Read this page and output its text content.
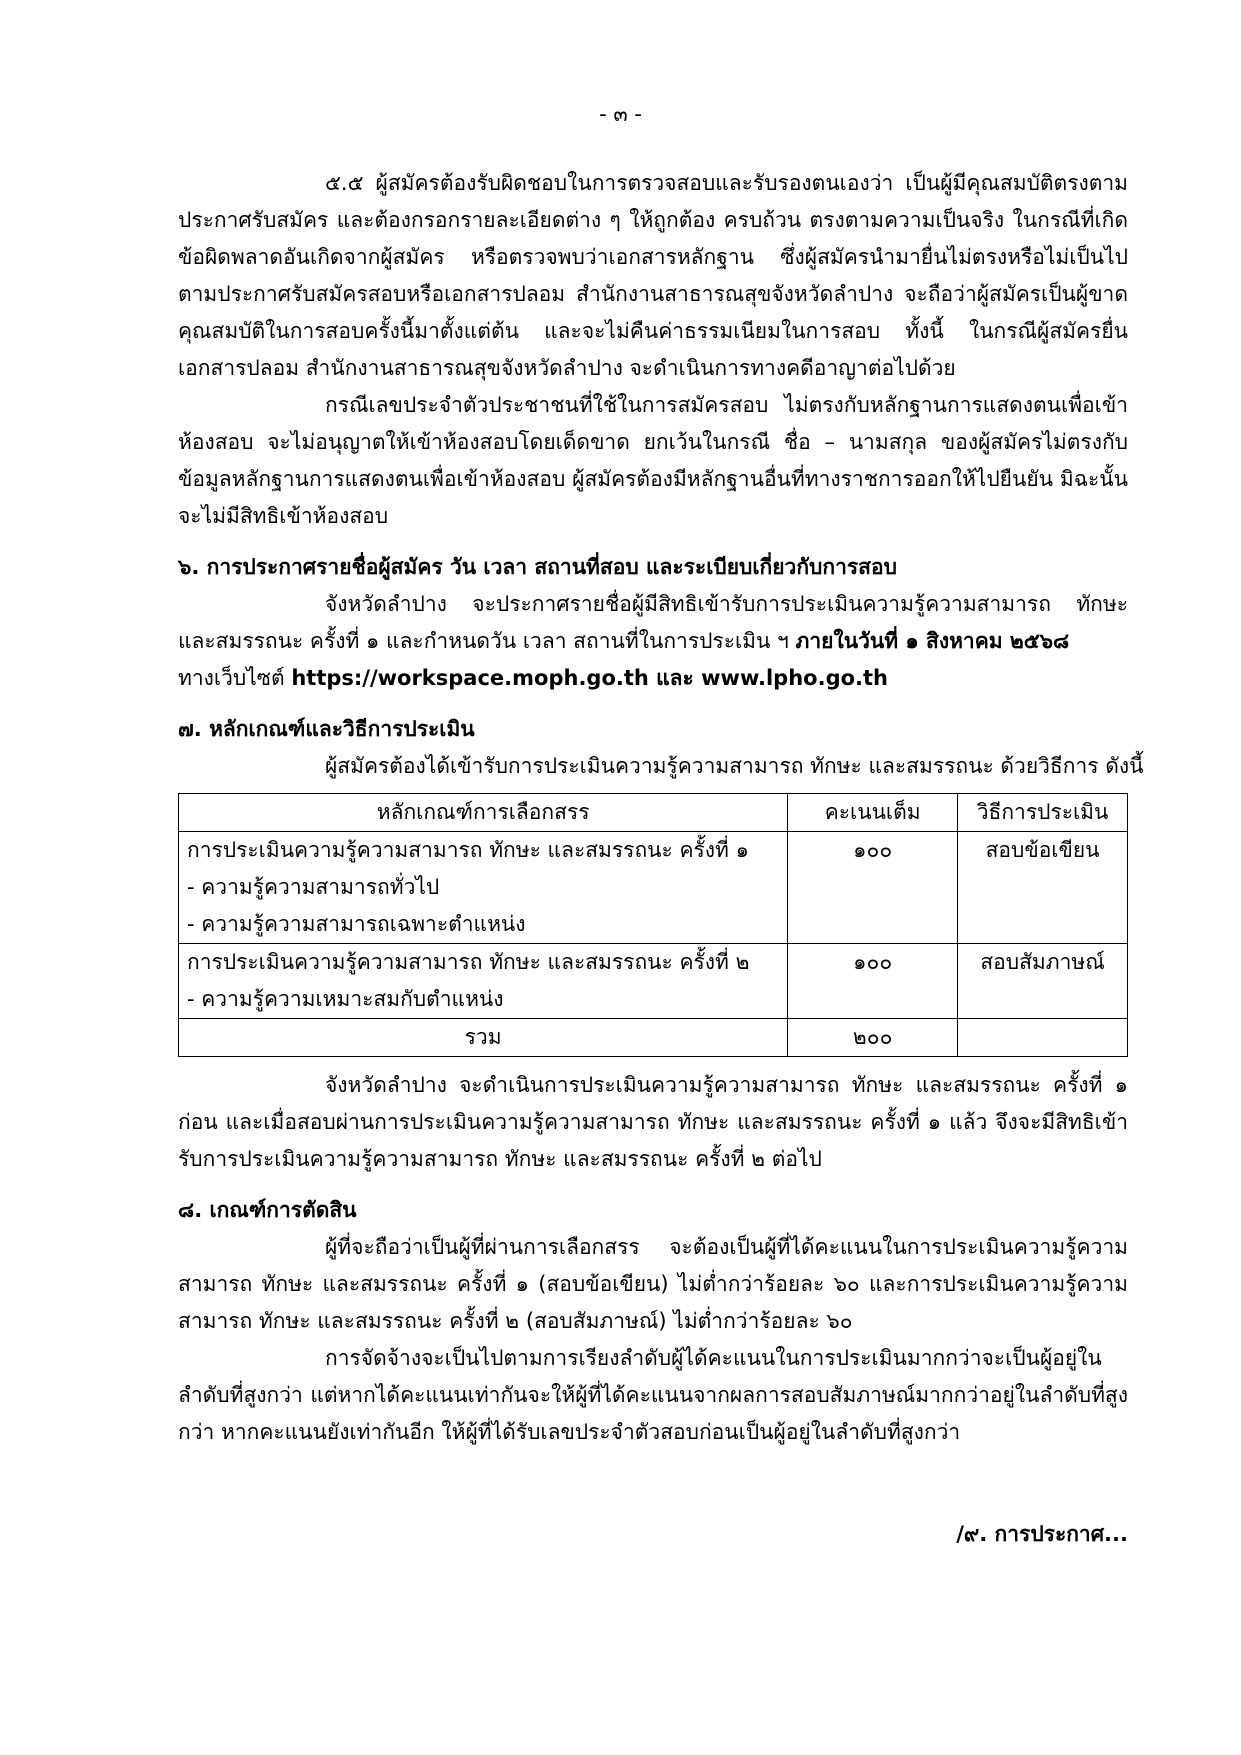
- ๓ -

๕.๕ ผู้สมัครต้องรับผิดชอบในการตรวจสอบและรับรองตนเองว่า เป็นผู้มีคุณสมบัติตรงตามประกาศรับสมัคร และต้องกรอกรายละเอียดต่าง ๆ ให้ถูกต้อง ครบถ้วน ตรงตามความเป็นจริง ในกรณีที่เกิดข้อผิดพลาดอันเกิดจากผู้สมัคร หรือตรวจพบว่าเอกสารหลักฐาน ซึ่งผู้สมัครนำมายื่นไม่ตรงหรือไม่เป็นไปตามประกาศรับสมัครสอบหรือเอกสารปลอม สำนักงานสาธารณสุขจังหวัดลำปาง จะถือว่าผู้สมัครเป็นผู้ขาดคุณสมบัติในการสอบครั้งนี้มาตั้งแต่ต้น และจะไม่คืนค่าธรรมเนียมในการสอบ ทั้งนี้ ในกรณีผู้สมัครยื่นเอกสารปลอม สำนักงานสาธารณสุขจังหวัดลำปาง จะดำเนินการทางคดีอาญาต่อไปด้วย

กรณีเลขประจำตัวประชาชนที่ใช้ในการสมัครสอบ ไม่ตรงกับหลักฐานการแสดงตนเพื่อเข้าห้องสอบ จะไม่อนุญาตให้เข้าห้องสอบโดยเด็ดขาด ยกเว้นในกรณี ชื่อ – นามสกุล ของผู้สมัครไม่ตรงกับข้อมูลหลักฐานการแสดงตนเพื่อเข้าห้องสอบ ผู้สมัครต้องมีหลักฐานอื่นที่ทางราชการออกให้ไปยืนยัน มิฉะนั้นจะไม่มีสิทธิเข้าห้องสอบ

๖. การประกาศรายชื่อผู้สมัคร วัน เวลา สถานที่สอบ และระเบียบเกี่ยวกับการสอบ

จังหวัดลำปาง จะประกาศรายชื่อผู้มีสิทธิเข้ารับการประเมินความรู้ความสามารถ ทักษะ และสมรรถนะ ครั้งที่ ๑ และกำหนดวัน เวลา สถานที่ในการประเมิน ฯ ภายในวันที่ ๑ สิงหาคม ๒๕๖๘
ทางเว็บไซต์ https://workspace.moph.go.th และ www.lpho.go.th

๗. หลักเกณฑ์และวิธีการประเมิน

ผู้สมัครต้องได้เข้ารับการประเมินความรู้ความสามารถ ทักษะ และสมรรถนะ ด้วยวิธีการ ดังนี้

หลักเกณฑ์การเลือกสรร	คะเนนเต็ม	วิธีการประเมิน

การประเมินความรู้ความสามารถ ทักษะ และสมรรถนะ ครั้งที่ ๑
- ความรู้ความสามารถทั่วไป
- ความรู้ความสามารถเฉพาะตำแหน่ง	๑๐๐	สอบข้อเขียน

การประเมินความรู้ความสามารถ ทักษะ และสมรรถนะ ครั้งที่ ๒
- ความรู้ความเหมาะสมกับตำแหน่ง	๑๐๐	สอบสัมภาษณ์
รวม	๒๐๐	

จังหวัดลำปาง จะดำเนินการประเมินความรู้ความสามารถ ทักษะ และสมรรถนะ ครั้งที่ ๑ ก่อน และเมื่อสอบผ่านการประเมินความรู้ความสามารถ ทักษะ และสมรรถนะ ครั้งที่ ๑ แล้ว จึงจะมีสิทธิเข้ารับการประเมินความรู้ความสามารถ ทักษะ และสมรรถนะ ครั้งที่ ๒ ต่อไป

๘. เกณฑ์การตัดสิน

ผู้ที่จะถือว่าเป็นผู้ที่ผ่านการเลือกสรร จะต้องเป็นผู้ที่ได้คะแนนในการประเมินความรู้ความสามารถ ทักษะ และสมรรถนะ ครั้งที่ ๑ (สอบข้อเขียน) ไม่ต่ำกว่าร้อยละ ๖๐ และการประเมินความรู้ความสามารถ ทักษะ และสมรรถนะ ครั้งที่ ๒ (สอบสัมภาษณ์) ไม่ต่ำกว่าร้อยละ ๖๐

การจัดจ้างจะเป็นไปตามการเรียงลำดับผู้ได้คะแนนในการประเมินมากกว่าจะเป็นผู้อยู่ในลำดับที่สูงกว่า แต่หากได้คะแนนเท่ากันจะให้ผู้ที่ได้คะแนนจากผลการสอบสัมภาษณ์มากกว่าอยู่ในลำดับที่สูงกว่า หากคะแนนยังเท่ากันอีก ให้ผู้ที่ได้รับเลขประจำตัวสอบก่อนเป็นผู้อยู่ในลำดับที่สูงกว่า

/๙. การประกาศ...
